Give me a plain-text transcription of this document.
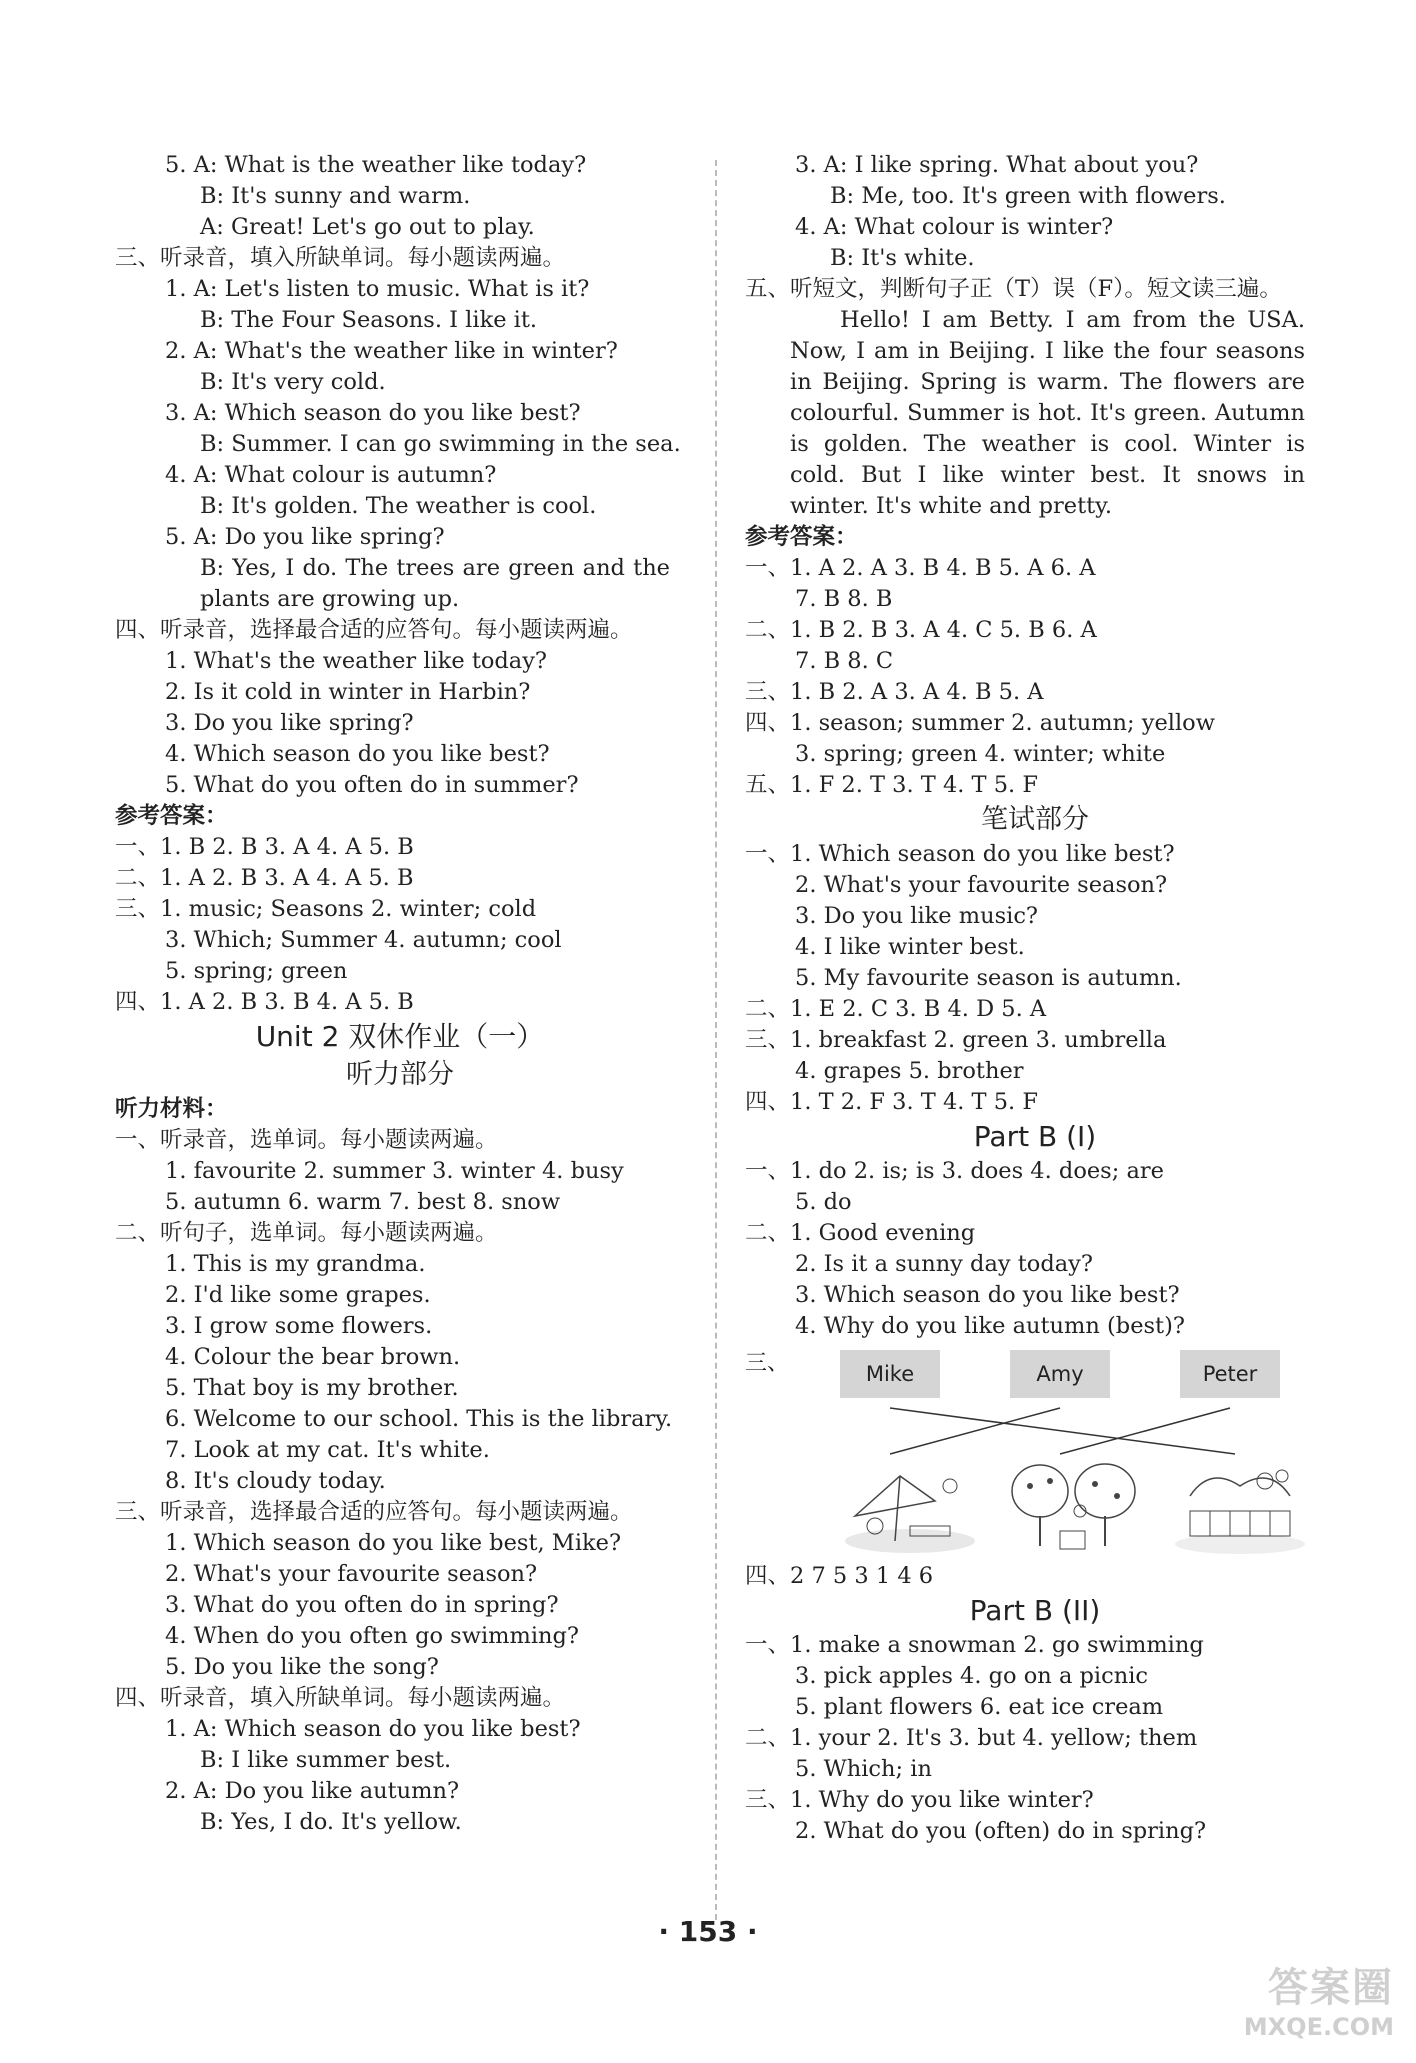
5. A: What is the weather like today?
B: It's sunny and warm.
A: Great! Let's go out to play.
三、听录音，填入所缺单词。每小题读两遍。
1. A: Let's listen to music. What is it?
B: The Four Seasons. I like it.
2. A: What's the weather like in winter?
B: It's very cold.
3. A: Which season do you like best?
B: Summer. I can go swimming in the sea.
4. A: What colour is autumn?
B: It's golden. The weather is cool.
5. A: Do you like spring?
B: Yes, I do. The trees are green and the plants are growing up.
四、听录音，选择最合适的应答句。每小题读两遍。
1. What's the weather like today?
2. Is it cold in winter in Harbin?
3. Do you like spring?
4. Which season do you like best?
5. What do you often do in summer?
参考答案：
一、1. B 2. B 3. A 4. A 5. B
二、1. A 2. B 3. A 4. A 5. B
三、1. music; Seasons 2. winter; cold
3. Which; Summer 4. autumn; cool
5. spring; green
四、1. A 2. B 3. B 4. A 5. B
Unit 2 双休作业（一）
听力部分
听力材料：
一、听录音，选单词。每小题读两遍。
1. favourite 2. summer 3. winter 4. busy
5. autumn 6. warm 7. best 8. snow
二、听句子，选单词。每小题读两遍。
1. This is my grandma.
2. I'd like some grapes.
3. I grow some flowers.
4. Colour the bear brown.
5. That boy is my brother.
6. Welcome to our school. This is the library.
7. Look at my cat. It's white.
8. It's cloudy today.
三、听录音，选择最合适的应答句。每小题读两遍。
1. Which season do you like best, Mike?
2. What's your favourite season?
3. What do you often do in spring?
4. When do you often go swimming?
5. Do you like the song?
四、听录音，填入所缺单词。每小题读两遍。
1. A: Which season do you like best?
B: I like summer best.
2. A: Do you like autumn?
B: Yes, I do. It's yellow.
3. A: I like spring. What about you?
B: Me, too. It's green with flowers.
4. A: What colour is winter?
B: It's white.
五、听短文，判断句子正（T）误（F）。短文读三遍。
Hello! I am Betty. I am from the USA. Now, I am in Beijing. I like the four seasons in Beijing. Spring is warm. The flowers are colourful. Summer is hot. It's green. Autumn is golden. The weather is cool. Winter is cold. But I like winter best. It snows in winter. It's white and pretty.
参考答案：
一、1. A 2. A 3. B 4. B 5. A 6. A
7. B 8. B
二、1. B 2. B 3. A 4. C 5. B 6. A
7. B 8. C
三、1. B 2. A 3. A 4. B 5. A
四、1. season; summer 2. autumn; yellow
3. spring; green 4. winter; white
五、1. F 2. T 3. T 4. T 5. F
笔试部分
一、1. Which season do you like best?
2. What's your favourite season?
3. Do you like music?
4. I like winter best.
5. My favourite season is autumn.
二、1. E 2. C 3. B 4. D 5. A
三、1. breakfast 2. green 3. umbrella
4. grapes 5. brother
四、1. T 2. F 3. T 4. T 5. F
Part B (I)
一、1. do 2. is; is 3. does 4. does; are
5. do
二、1. Good evening
2. Is it a sunny day today?
3. Which season do you like best?
4. Why do you like autumn (best)?
三、	Mike	Amy	Peter
四、2 7 5 3 1 4 6
Part B (II)
一、1. make a snowman 2. go swimming
3. pick apples 4. go on a picnic
5. plant flowers 6. eat ice cream
二、1. your 2. It's 3. but 4. yellow; them
5. Which; in
三、1. Why do you like winter?
2. What do you (often) do in spring?
· 153 ·
答案圈
MXQE.COM
